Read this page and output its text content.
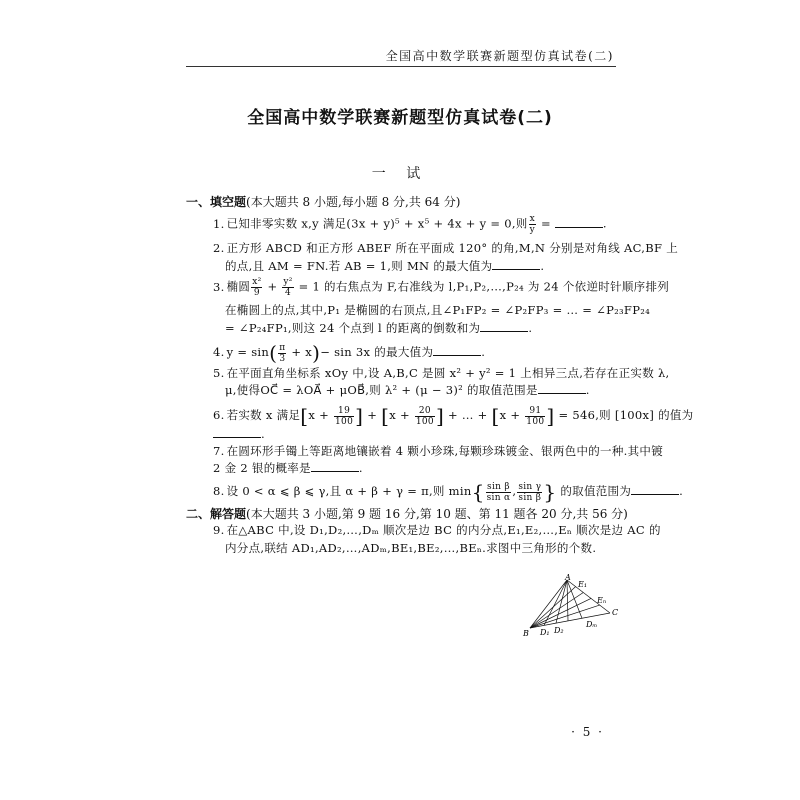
全国高中数学联赛新题型仿真试卷(二)
全国高中数学联赛新题型仿真试卷(二)
一 试
一、填空题(本大题共 8 小题,每小题 8 分,共 64 分)
1. 已知非零实数 x,y 满足(3x + y)⁵ + x⁵ + 4x + y = 0,则 $\frac{x}{y}$ =	.
2. 正方形 ABCD 和正方形 ABEF 所在平面成 120° 的角,M,N 分别是对角线 AC,BF 上
的点,且 AM = FN.若 AB = 1,则 MN 的最大值为	.
3. 椭圆 $\frac{\text{x²}}{9} + \frac{\text{y²}}{4} = 1$ 的右焦点为 F,右准线为 l,P₁,P₂,…,P₂₄ 为 24 个依逆时针顺序排列
在椭圆上的点,其中,P₁ 是椭圆的右顶点,且∠P₁FP₂ = ∠P₂FP₃ = … = ∠P₂₃FP₂₄
= ∠P₂₄FP₁,则这 24 个点到 l 的距离的倒数和为	.
4. $y = \sin( \frac{\pi}{3} + x)- \sin 3x$ 的最大值为	.
5. 在平面直角坐标系 xOy 中,设 A,B,C 是圆 x² + y² = 1 上相异三点,若存在正实数 λ,
μ,使得OC⃗ = λOA⃗ + μOB⃗,则 λ² + (μ − 3)² 的取值范围是	.
6. 若实数 x 满足[$x + \frac{19}{100}$ ] + [$x + \frac{20}{100}$ ] + … + [$x + \frac{91}{100}$ ] = 546,则 [100x] 的值为
.
7. 在圆环形手镯上等距离地镶嵌着 4 颗小珍珠,每颗珍珠镀金、银两色中的一种.其中镀
2 金 2 银的概率是	.
8. 设 0 < α ⩽ β ⩽ γ,且 α + β + γ = π,则 $\min\{ \frac{\text{sin β}}{\text{sin α}}$ , $\frac{\text{sin γ}}{\text{sin β}}$ } 的取值范围为	.
二、解答题(本大题共 3 小题,第 9 题 16 分,第 10 题、第 11 题各 20 分,共 56 分)
9. 在△ABC 中,设 D₁,D₂,…,Dₘ 顺次是边 BC 的内分点,E₁,E₂,…,Eₙ 顺次是边 AC 的
内分点,联结 AD₁,AD₂,…,ADₘ,BE₁,BE₂,…,BEₙ.求图中三角形的个数.
A
B
C
E₁
Eₙ
D₁ D₂
Dₘ
· 5 ·
